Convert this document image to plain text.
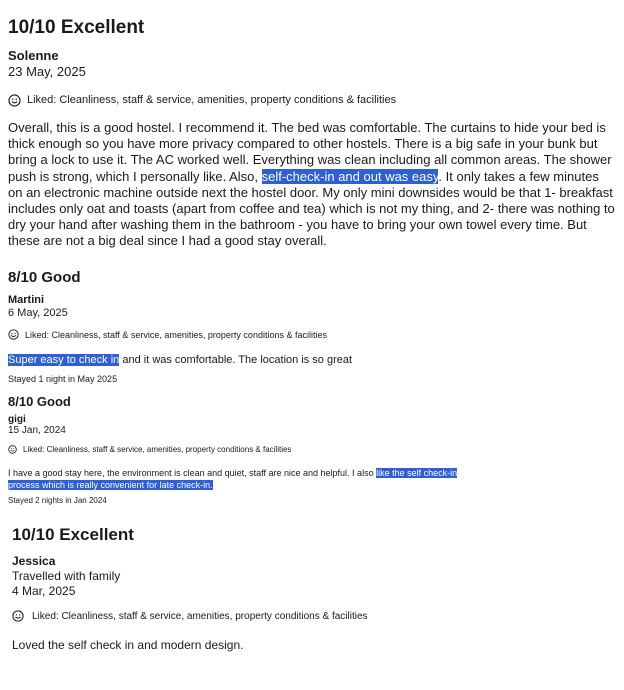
10/10 Excellent
Solenne
23 May, 2025
Liked: Cleanliness, staff & service, amenities, property conditions & facilities

Overall, this is a good hostel. I recommend it. The bed was comfortable. The curtains to hide your bed is thick enough so you have more privacy compared to other hostels. There is a big safe in your bunk but bring a lock to use it. The AC worked well. Everything was clean including all common areas. The shower push is strong, which I personally like. Also, self-check-in and out was easy. It only takes a few minutes on an electronic machine outside next the hostel door. My only mini downsides would be that 1- breakfast includes only oat and toasts (apart from coffee and tea) which is not my thing, and 2- there was nothing to dry your hand after washing them in the bathroom - you have to bring your own towel every time. But these are not a big deal since I had a good stay overall.

8/10 Good
Martini
6 May, 2025
Liked: Cleanliness, staff & service, amenities, property conditions & facilities

Super easy to check in and it was comfortable. The location is so great

Stayed 1 night in May 2025
8/10 Good
gigi
15 Jan, 2024
Liked: Cleanliness, staff & service, amenities, property conditions & facilities

I have a good stay here, the environment is clean and quiet, staff are nice and helpful. I also like the self check-in process which is really convenient for late check-in.

Stayed 2 nights in Jan 2024
10/10 Excellent
Jessica
Travelled with family
4 Mar, 2025
Liked: Cleanliness, staff & service, amenities, property conditions & facilities

Loved the self check in and modern design.
